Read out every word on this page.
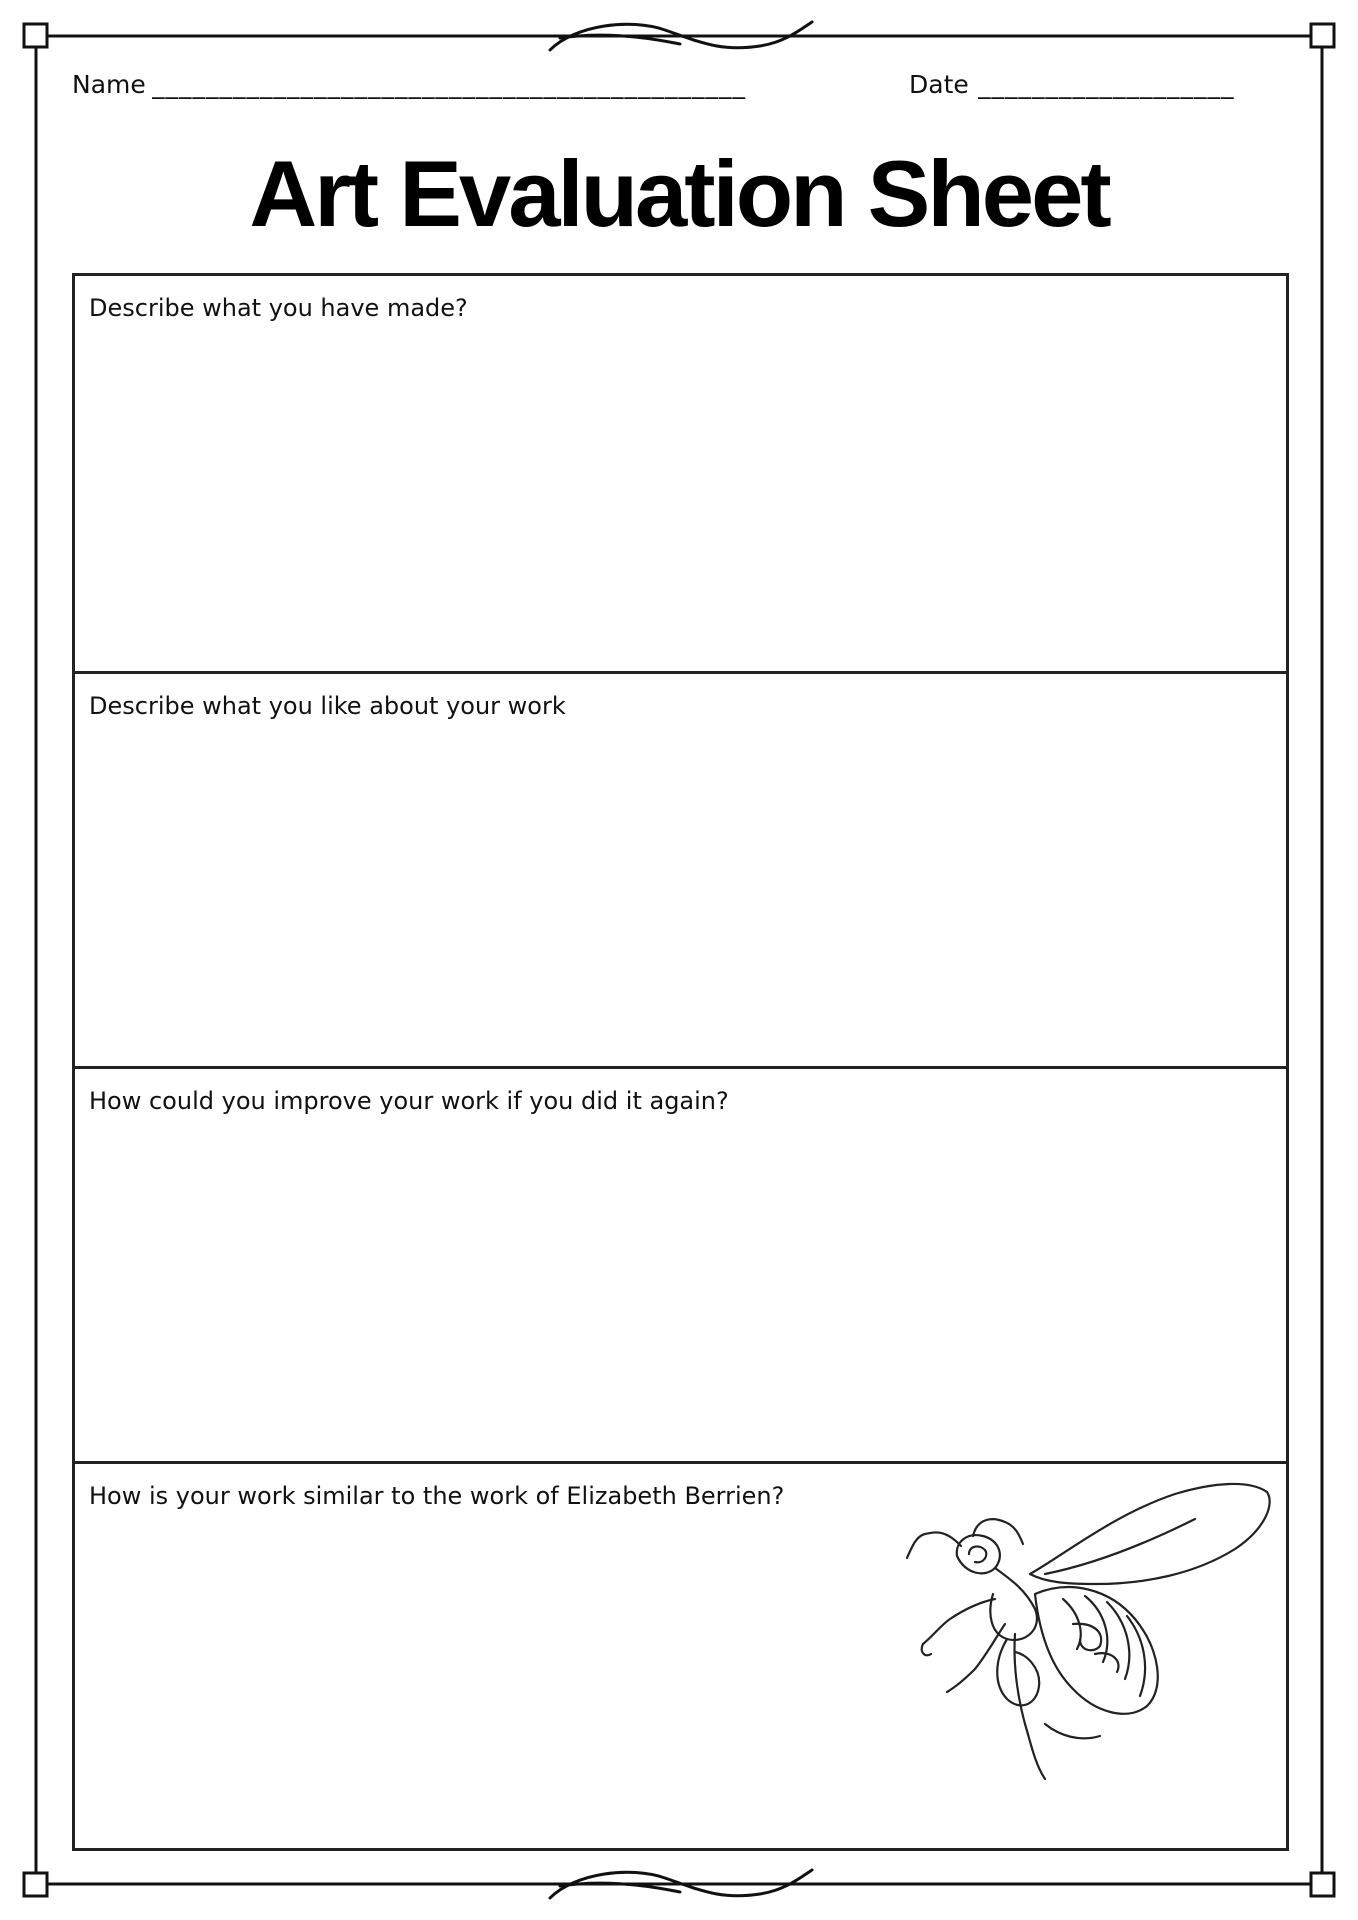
Name ____________________________________________	Date ___________________
Art Evaluation Sheet
Describe what you have made?
Describe what you like about your work
How could you improve your work if you did it again?
How is your work similar to the work of Elizabeth Berrien?
